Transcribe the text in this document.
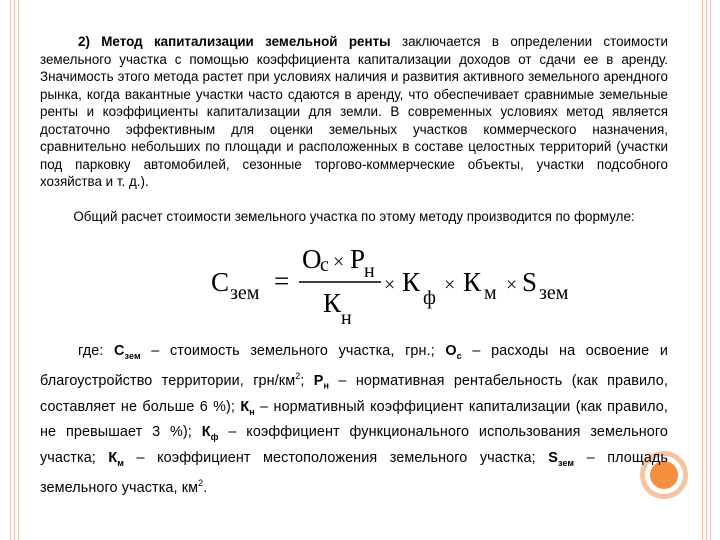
2) Метод капитализации земельной ренты заключается в определении стоимости земельного участка с помощью коэффициента капитализации доходов от сдачи ее в аренду. Значимость этого метода растет при условиях наличия и развития активного земельного арендного рынка, когда вакантные участки часто сдаются в аренду, что обеспечивает сравнимые земельные ренты и коэффициенты капитализации для земли. В современных условиях метод является достаточно эффективным для оценки земельных участков коммерческого назначения, сравнительно небольших по площади и расположенных в составе целостных территорий (участки под парковку автомобилей, сезонные торгово-коммерческие объекты, участки подсобного хозяйства и т. д.).

Общий расчет стоимости земельного участка по этому методу производится по формуле:

С зем =
О
с × Р
н
К н
× К
ф
× К м × S зем

где: $С_{зем}$ – стоимость земельного участка, грн.; $О_с$ – расходы на освоение и благоустройство территории, грн/$км^2$; $Р_н$ – нормативная рентабельность (как правило, составляет не больше 6 %); $К_н$ – нормативный коэффициент капитализации (как правило, не превышает 3 %); $К_ф$ – коэффициент функционального использования земельного участка; $К_м$ – коэффициент местоположения земельного участка; $S_{зем}$ – площадь земельного участка, $км^2$.
